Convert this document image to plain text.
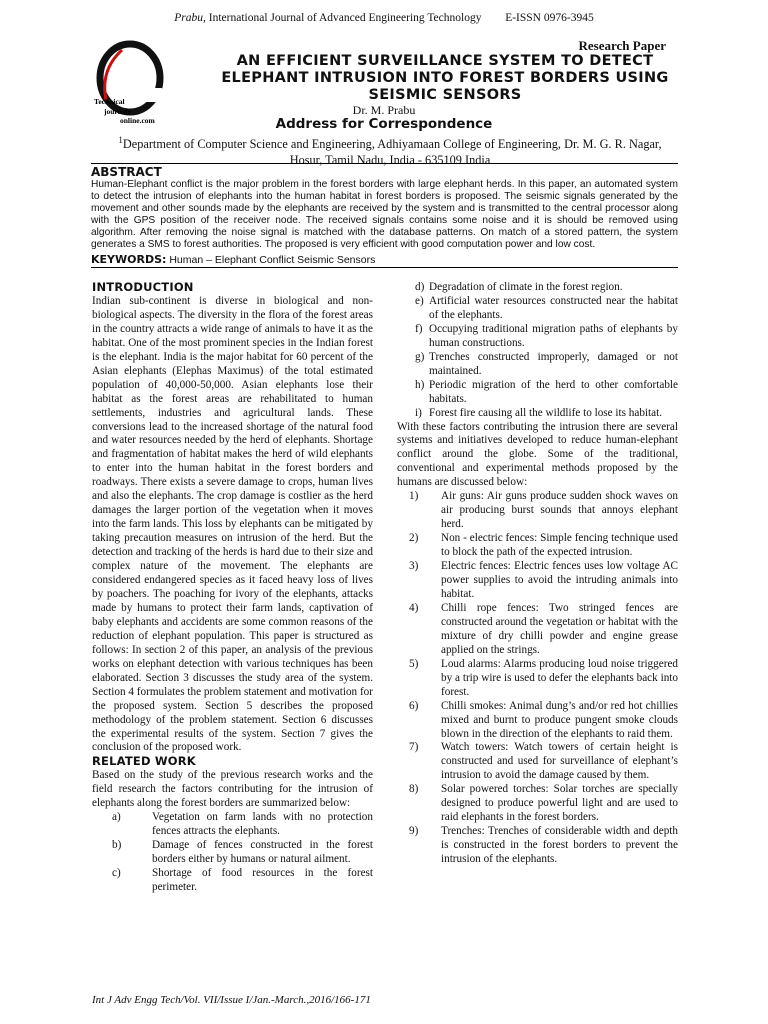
Prabu, International Journal of Advanced Engineering Technology E-ISSN 0976-3945
Technical
journals
online.com
Research Paper
AN EFFICIENT SURVEILLANCE SYSTEM TO DETECT
ELEPHANT INTRUSION INTO FOREST BORDERS USING
SEISMIC SENSORS
Dr. M. Prabu
Address for Correspondence
$^1$Department of Computer Science and Engineering, Adhiyamaan College of Engineering, Dr. M. G. R. Nagar,
Hosur, Tamil Nadu, India - 635109 India
ABSTRACT
Human-Elephant conflict is the major problem in the forest borders with large elephant herds. In this paper, an automated system to detect the intrusion of elephants into the human habitat in forest borders is proposed. The seismic signals generated by the movement and other sounds made by the elephants are received by the system and is transmitted to the central processor along with the GPS position of the receiver node. The received signals contains some noise and it is should be removed using algorithm. After removing the noise signal is matched with the database patterns. On match of a stored pattern, the system generates a SMS to forest authorities. The proposed is very efficient with good computation power and low cost.
KEYWORDS: Human – Elephant Conflict Seismic Sensors
INTRODUCTION

Indian sub-continent is diverse in biological and non-biological aspects. The diversity in the flora of the forest areas in the country attracts a wide range of animals to have it as the habitat. One of the most prominent species in the Indian forest is the elephant. India is the major habitat for 60 percent of the Asian elephants (Elephas Maximus) of the total estimated population of 40,000-50,000. Asian elephants lose their habitat as the forest areas are rehabilitated to human settlements, industries and agricultural lands. These conversions lead to the increased shortage of the natural food and water resources needed by the herd of elephants. Shortage and fragmentation of habitat makes the herd of wild elephants to enter into the human habitat in the forest borders and roadways. There exists a severe damage to crops, human lives and also the elephants. The crop damage is costlier as the herd damages the larger portion of the vegetation when it moves into the farm lands. This loss by elephants can be mitigated by taking precaution measures on intrusion of the herd. But the detection and tracking of the herds is hard due to their size and complex nature of the movement. The elephants are considered endangered species as it faced heavy loss of lives by poachers. The poaching for ivory of the elephants, attacks made by humans to protect their farm lands, captivation of baby elephants and accidents are some common reasons of the reduction of elephant population. This paper is structured as follows: In section 2 of this paper, an analysis of the previous works on elephant detection with various techniques has been elaborated. Section 3 discusses the study area of the system. Section 4 formulates the problem statement and motivation for the proposed system. Section 5 describes the proposed methodology of the problem statement. Section 6 discusses the experimental results of the system. Section 7 gives the conclusion of the proposed work.

RELATED WORK

Based on the study of the previous research works and the field research the factors contributing for the intrusion of elephants along the forest borders are summarized below:

a)	Vegetation on farm lands with no protection fences attracts the elephants.
b)	Damage of fences constructed in the forest borders either by humans or natural ailment.
c)	Shortage of food resources in the forest perimeter.
d) Degradation of climate in the forest region.
e) Artificial water resources constructed near the habitat of the elephants.
f) Occupying traditional migration paths of elephants by human constructions.
g) Trenches constructed improperly, damaged or not maintained.
h) Periodic migration of the herd to other comfortable habitats.
i) Forest fire causing all the wildlife to lose its habitat.

With these factors contributing the intrusion there are several systems and initiatives developed to reduce human-elephant conflict around the globe. Some of the traditional, conventional and experimental methods proposed by the humans are discussed below:

1) Air guns: Air guns produce sudden shock waves on air producing burst sounds that annoys elephant herd.
2) Non - electric fences: Simple fencing technique used to block the path of the expected intrusion.
3) Electric fences: Electric fences uses low voltage AC power supplies to avoid the intruding animals into habitat.
4) Chilli rope fences: Two stringed fences are constructed around the vegetation or habitat with the mixture of dry chilli powder and engine grease applied on the strings.
5) Loud alarms: Alarms producing loud noise triggered by a trip wire is used to defer the elephants back into forest.
6) Chilli smokes: Animal dung’s and/or red hot chillies mixed and burnt to produce pungent smoke clouds blown in the direction of the elephants to raid them.
7) Watch towers: Watch towers of certain height is constructed and used for surveillance of elephant’s intrusion to avoid the damage caused by them.
8) Solar powered torches: Solar torches are specially designed to produce powerful light and are used to raid elephants in the forest borders.
9) Trenches: Trenches of considerable width and depth is constructed in the forest borders to prevent the intrusion of the elephants.
Int J Adv Engg Tech/Vol. VII/Issue I/Jan.-March.,2016/166-171
